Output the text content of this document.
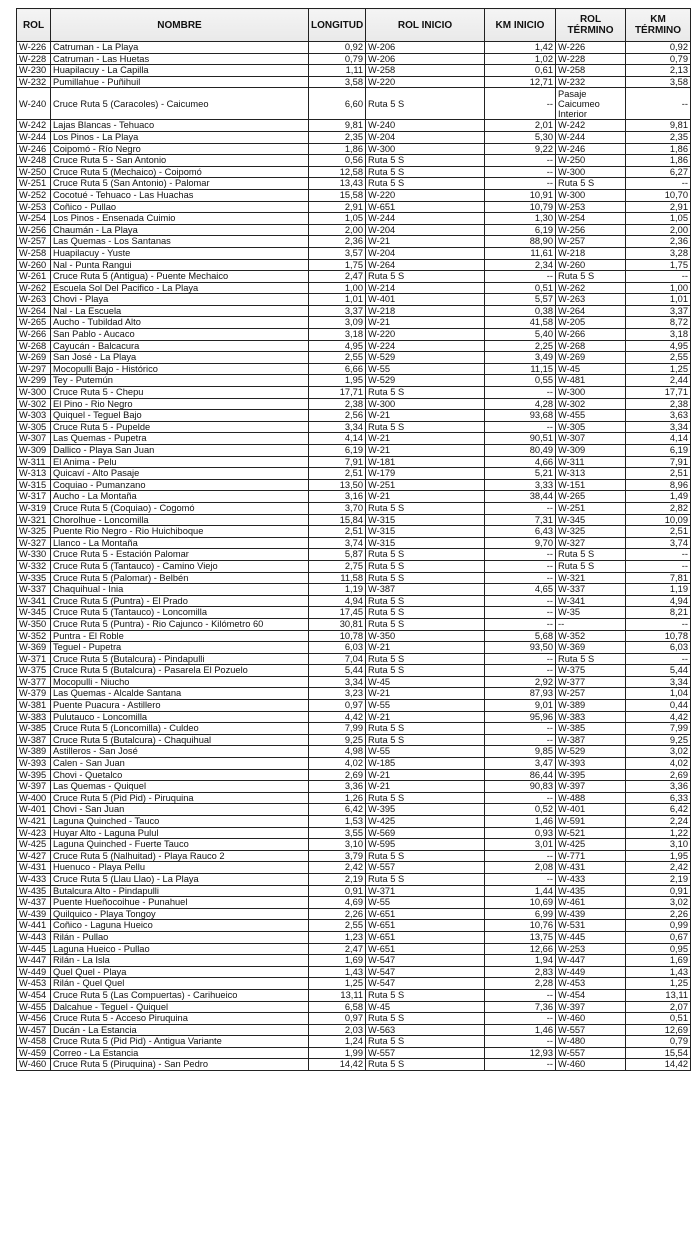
ROL	NOMBRE	LONGITUD	ROL INICIO	KM INICIO	ROL TÉRMINO	KM TÉRMINO
W-226	Catruman - La Playa	0,92	W-206	1,42	W-226	0,92
W-228	Catruman - Las Huetas	0,79	W-206	1,02	W-228	0,79
W-230	Huapilacuy - La Capilla	1,11	W-258	0,61	W-258	2,13
W-232	Pumillahue - Puñihuil	3,58	W-220	12,71	W-232	3,58
W-240	Cruce Ruta 5 (Caracoles) - Caicumeo	6,60	Ruta 5 S	--	Pasaje Caicumeo Interior	--
W-242	Lajas Blancas - Tehuaco	9,81	W-240	2,01	W-242	9,81
W-244	Los Pinos - La Playa	2,35	W-204	5,30	W-244	2,35
W-246	Coipomó - Río Negro	1,86	W-300	9,22	W-246	1,86
W-248	Cruce Ruta 5 - San Antonio	0,56	Ruta 5 S	--	W-250	1,86
W-250	Cruce Ruta 5 (Mechaico) - Coipomó	12,58	Ruta 5 S	--	W-300	6,27
W-251	Cruce Ruta 5 (San Antonio) - Palomar	13,43	Ruta 5 S	--	Ruta 5 S	--
W-252	Cocotué - Tehuaco - Las Huachas	15,58	W-220	10,91	W-300	10,70
W-253	Coñico - Pullao	2,91	W-651	10,79	W-253	2,91
W-254	Los Pinos - Ensenada Cuimio	1,05	W-244	1,30	W-254	1,05
W-256	Chaumán - La Playa	2,00	W-204	6,19	W-256	2,00
W-257	Las Quemas - Los Santanas	2,36	W-21	88,90	W-257	2,36
W-258	Huapilacuy - Yuste	3,57	W-204	11,61	W-218	3,28
W-260	Nal - Punta Rangui	1,75	W-264	2,34	W-260	1,75
W-261	Cruce Ruta 5 (Antigua) - Puente Mechaico	2,47	Ruta 5 S	--	Ruta 5 S	--
W-262	Escuela Sol Del Pacifico - La Playa	1,00	W-214	0,51	W-262	1,00
W-263	Chovi - Playa	1,01	W-401	5,57	W-263	1,01
W-264	Nal - La Escuela	3,37	W-218	0,38	W-264	3,37
W-265	Aucho - Tubildad Alto	3,09	W-21	41,58	W-205	8,72
W-266	San Pablo - Aucaco	3,18	W-220	5,40	W-266	3,18
W-268	Cayucán - Balcacura	4,95	W-224	2,25	W-268	4,95
W-269	San José - La Playa	2,55	W-529	3,49	W-269	2,55
W-297	Mocopulli Bajo - Histórico	6,66	W-55	11,15	W-45	1,25
W-299	Tey - Putemún	1,95	W-529	0,55	W-481	2,44
W-300	Cruce Ruta 5 - Chepu	17,71	Ruta 5 S	--	W-300	17,71
W-302	El Pino - Rio Negro	2,38	W-300	4,28	W-302	2,38
W-303	Quiquel - Teguel Bajo	2,56	W-21	93,68	W-455	3,63
W-305	Cruce Ruta 5 - Pupelde	3,34	Ruta 5 S	--	W-305	3,34
W-307	Las Quemas - Pupetra	4,14	W-21	90,51	W-307	4,14
W-309	Dallico - Playa San Juan	6,19	W-21	80,49	W-309	6,19
W-311	El Anima - Pelu	7,91	W-181	4,66	W-311	7,91
W-313	Quicaví - Alto Pasaje	2,51	W-179	5,21	W-313	2,51
W-315	Coquiao - Pumanzano	13,50	W-251	3,33	W-151	8,96
W-317	Aucho - La Montaña	3,16	W-21	38,44	W-265	1,49
W-319	Cruce Ruta 5 (Coquiao) - Cogomó	3,70	Ruta 5 S	--	W-251	2,82
W-321	Chorolhue - Loncomilla	15,84	W-315	7,31	W-345	10,09
W-325	Puente Rio Negro - Rio Huichiboque	2,51	W-315	6,43	W-325	2,51
W-327	Llanco - La Montaña	3,74	W-315	9,70	W-327	3,74
W-330	Cruce Ruta 5 - Estación Palomar	5,87	Ruta 5 S	--	Ruta 5 S	--
W-332	Cruce Ruta 5 (Tantauco) - Camino Viejo	2,75	Ruta 5 S	--	Ruta 5 S	--
W-335	Cruce Ruta 5 (Palomar) - Belbén	11,58	Ruta 5 S	--	W-321	7,81
W-337	Chaquihual - Inia	1,19	W-387	4,65	W-337	1,19
W-341	Cruce Ruta 5 (Puntra) - El Prado	4,94	Ruta 5 S	--	W-341	4,94
W-345	Cruce Ruta 5 (Tantauco) - Loncomilla	17,45	Ruta 5 S	--	W-35	8,21
W-350	Cruce Ruta 5 (Puntra) - Rio Cajunco - Kilómetro 60	30,81	Ruta 5 S	--	--	--
W-352	Puntra - El Roble	10,78	W-350	5,68	W-352	10,78
W-369	Teguel - Pupetra	6,03	W-21	93,50	W-369	6,03
W-371	Cruce Ruta 5 (Butalcura) - Pindapulli	7,04	Ruta 5 S	--	Ruta 5 S	--
W-375	Cruce Ruta 5 (Butalcura) - Pasarela El Pozuelo	5,44	Ruta 5 S	--	W-375	5,44
W-377	Mocopulli - Niucho	3,34	W-45	2,92	W-377	3,34
W-379	Las Quemas - Alcalde Santana	3,23	W-21	87,93	W-257	1,04
W-381	Puente Puacura - Astillero	0,97	W-55	9,01	W-389	0,44
W-383	Pulutauco - Loncomilla	4,42	W-21	95,96	W-383	4,42
W-385	Cruce Ruta 5 (Loncomilla) - Culdeo	7,99	Ruta 5 S	--	W-385	7,99
W-387	Cruce Ruta 5 (Butalcura) - Chaquihual	9,25	Ruta 5 S	--	W-387	9,25
W-389	Astilleros - San José	4,98	W-55	9,85	W-529	3,02
W-393	Calen - San Juan	4,02	W-185	3,47	W-393	4,02
W-395	Chovi - Quetalco	2,69	W-21	86,44	W-395	2,69
W-397	Las Quemas - Quiquel	3,36	W-21	90,83	W-397	3,36
W-400	Cruce Ruta 5 (Pid Pid) - Piruquina	1,26	Ruta 5 S	--	W-488	6,33
W-401	Chovi - San Juan	6,42	W-395	0,52	W-401	6,42
W-421	Laguna Quinched - Tauco	1,53	W-425	1,46	W-591	2,24
W-423	Huyar Alto - Laguna Pulul	3,55	W-569	0,93	W-521	1,22
W-425	Laguna Quinched - Fuerte Tauco	3,10	W-595	3,01	W-425	3,10
W-427	Cruce Ruta 5 (Nalhuitad) - Playa Rauco 2	3,79	Ruta 5 S	--	W-771	1,95
W-431	Huenuco - Playa Pellu	2,42	W-557	2,08	W-431	2,42
W-433	Cruce Ruta 5 (Llau Llao) - La Playa	2,19	Ruta 5 S	--	W-433	2,19
W-435	Butalcura Alto - Pindapulli	0,91	W-371	1,44	W-435	0,91
W-437	Puente Hueñocoihue - Punahuel	4,69	W-55	10,69	W-461	3,02
W-439	Quilquico - Playa Tongoy	2,26	W-651	6,99	W-439	2,26
W-441	Coñico - Laguna Hueico	2,55	W-651	10,76	W-531	0,99
W-443	Rilán - Pullao	1,23	W-651	13,75	W-445	0,67
W-445	Laguna Hueico - Pullao	2,47	W-651	12,66	W-253	0,95
W-447	Rilán - La Isla	1,69	W-547	1,94	W-447	1,69
W-449	Quel Quel - Playa	1,43	W-547	2,83	W-449	1,43
W-453	Rilán - Quel Quel	1,25	W-547	2,28	W-453	1,25
W-454	Cruce Ruta 5 (Las Compuertas) - Carihueico	13,11	Ruta 5 S	--	W-454	13,11
W-455	Dalcahue - Teguel - Quiquel	6,58	W-45	7,36	W-397	2,07
W-456	Cruce Ruta 5 - Acceso Piruquina	0,97	Ruta 5 S	--	W-460	0,51
W-457	Ducán - La Estancia	2,03	W-563	1,46	W-557	12,69
W-458	Cruce Ruta 5 (Pid Pid) - Antigua Variante	1,24	Ruta 5 S	--	W-480	0,79
W-459	Correo - La Estancia	1,99	W-557	12,93	W-557	15,54
W-460	Cruce Ruta 5 (Piruquina) - San Pedro	14,42	Ruta 5 S	--	W-460	14,42
